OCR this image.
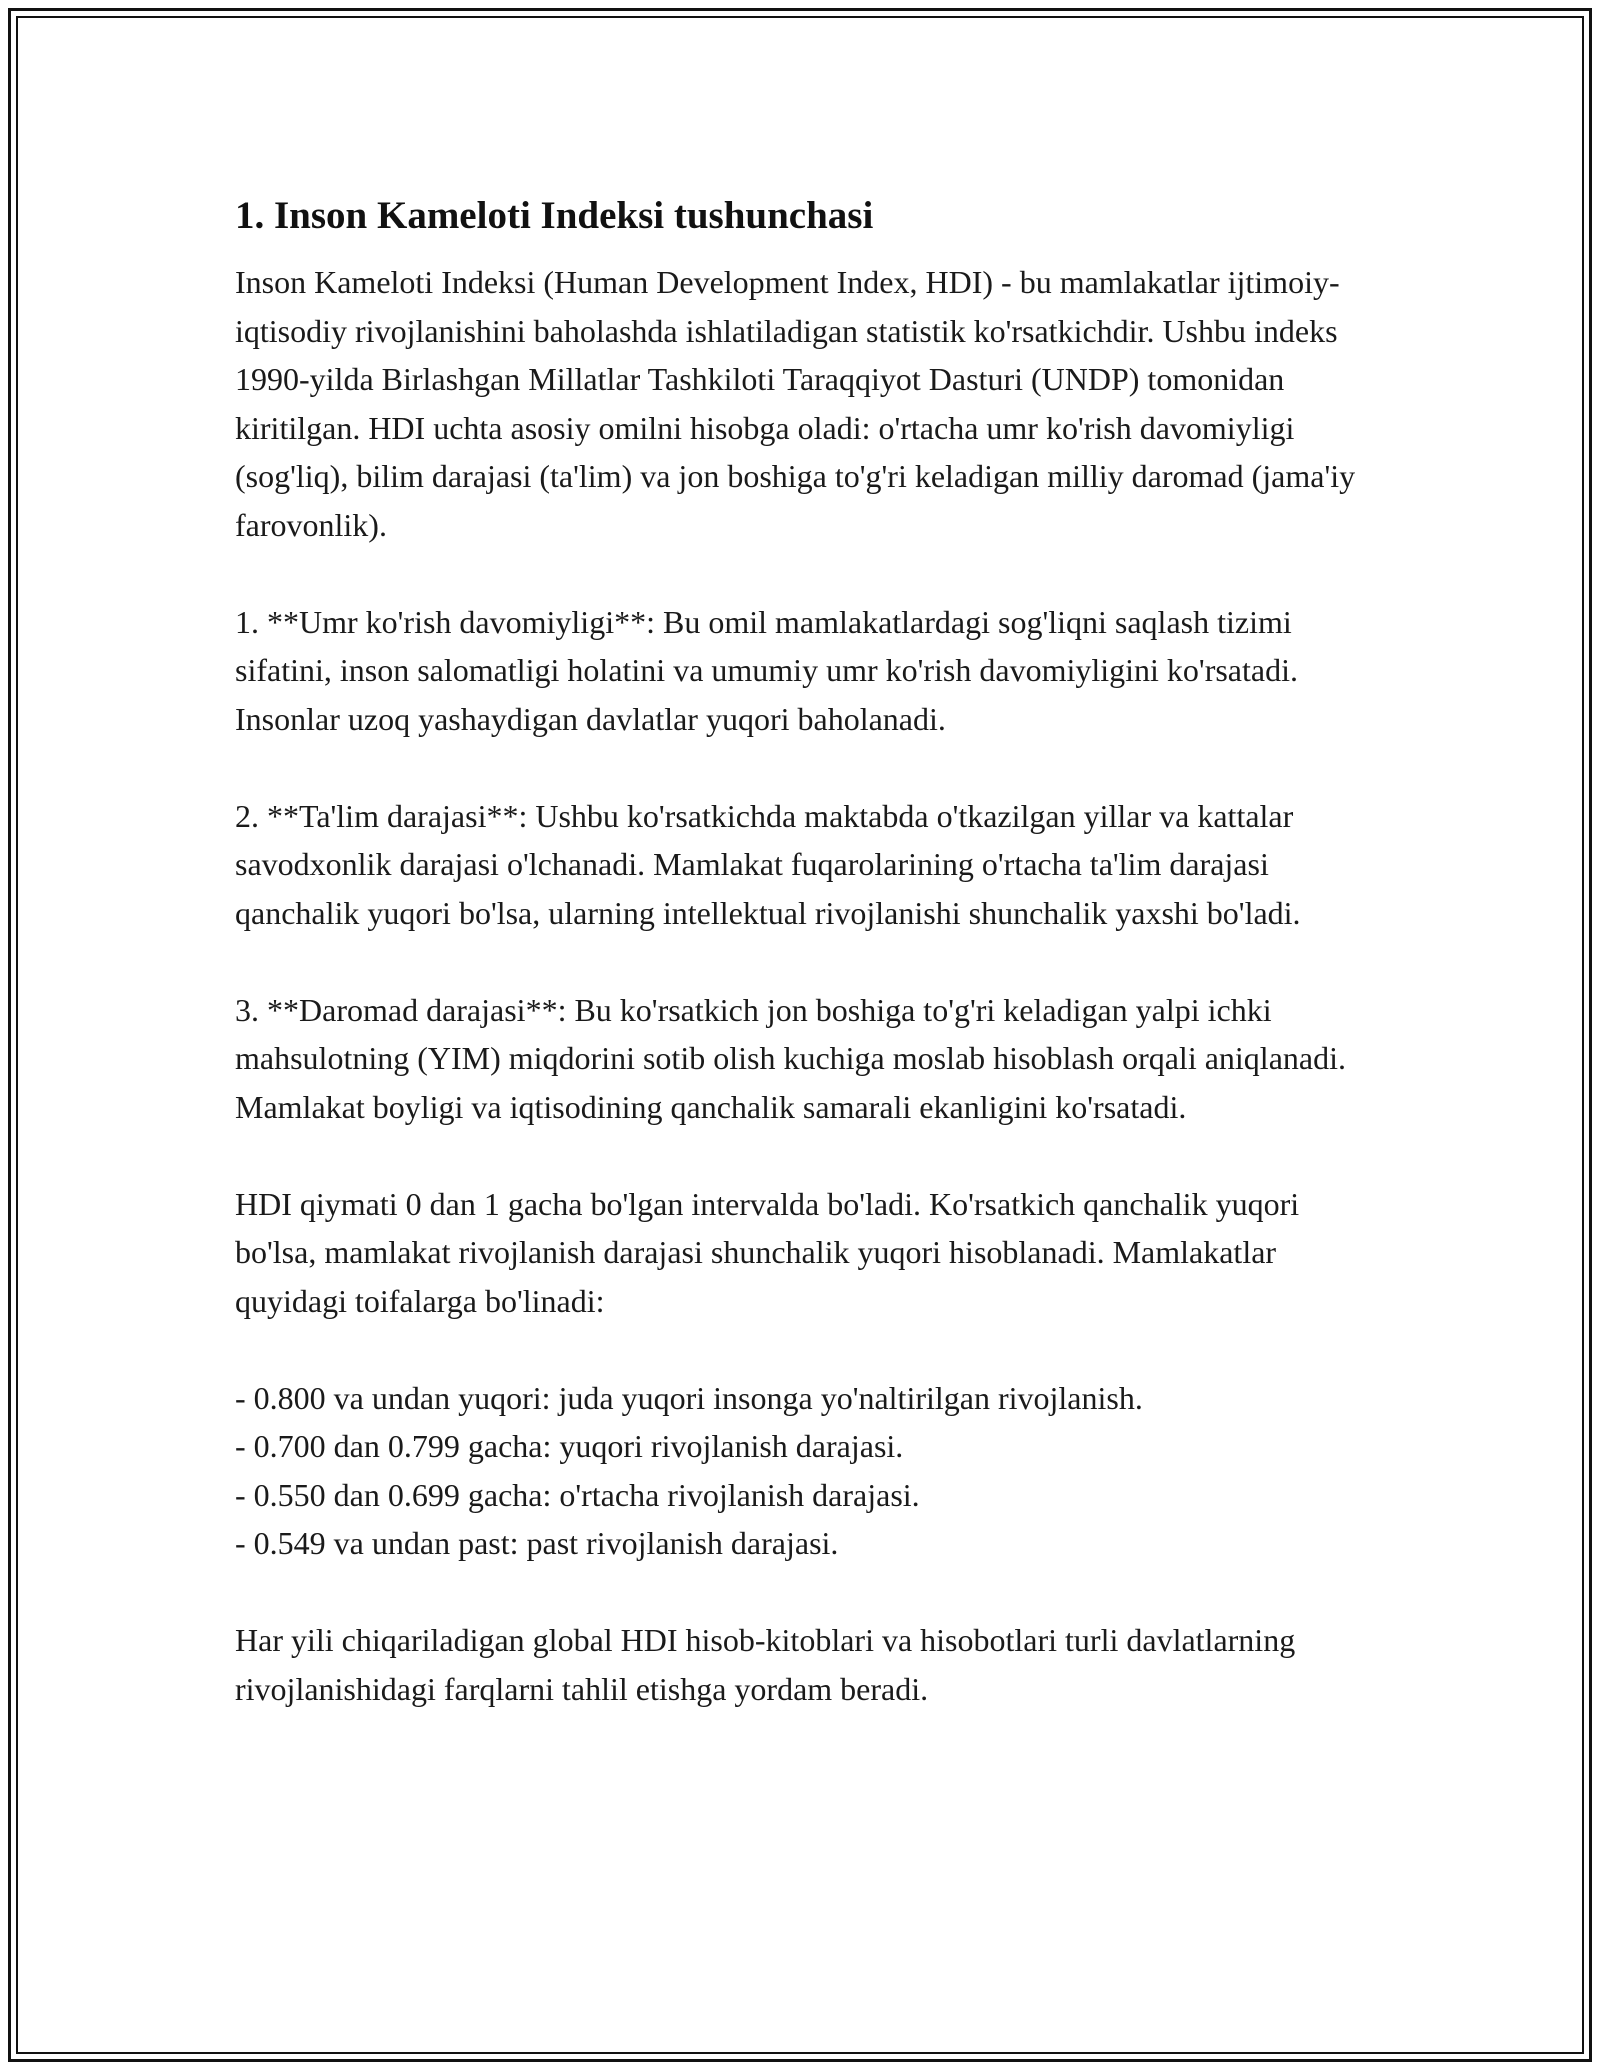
1. Inson Kameloti Indeksi tushunchasi

Inson Kameloti Indeksi (Human Development Index, HDI) - bu mamlakatlar ijtimoiy-iqtisodiy rivojlanishini baholashda ishlatiladigan statistik ko'rsatkichdir. Ushbu indeks 1990-yilda Birlashgan Millatlar Tashkiloti Taraqqiyot Dasturi (UNDP) tomonidan kiritilgan. HDI uchta asosiy omilni hisobga oladi: o'rtacha umr ko'rish davomiyligi (sog'liq), bilim darajasi (ta'lim) va jon boshiga to'g'ri keladigan milliy daromad (jama'iy farovonlik).

1. **Umr ko'rish davomiyligi**: Bu omil mamlakatlardagi sog'liqni saqlash tizimi sifatini, inson salomatligi holatini va umumiy umr ko'rish davomiyligini ko'rsatadi. Insonlar uzoq yashaydigan davlatlar yuqori baholanadi.

2. **Ta'lim darajasi**: Ushbu ko'rsatkichda maktabda o'tkazilgan yillar va kattalar savodxonlik darajasi o'lchanadi. Mamlakat fuqarolarining o'rtacha ta'lim darajasi qanchalik yuqori bo'lsa, ularning intellektual rivojlanishi shunchalik yaxshi bo'ladi.

3. **Daromad darajasi**: Bu ko'rsatkich jon boshiga to'g'ri keladigan yalpi ichki mahsulotning (YIM) miqdorini sotib olish kuchiga moslab hisoblash orqali aniqlanadi. Mamlakat boyligi va iqtisodining qanchalik samarali ekanligini ko'rsatadi.

HDI qiymati 0 dan 1 gacha bo'lgan intervalda bo'ladi. Ko'rsatkich qanchalik yuqori bo'lsa, mamlakat rivojlanish darajasi shunchalik yuqori hisoblanadi. Mamlakatlar quyidagi toifalarga bo'linadi:

- 0.800 va undan yuqori: juda yuqori insonga yo'naltirilgan rivojlanish.
- 0.700 dan 0.799 gacha: yuqori rivojlanish darajasi.
- 0.550 dan 0.699 gacha: o'rtacha rivojlanish darajasi.
- 0.549 va undan past: past rivojlanish darajasi.

Har yili chiqariladigan global HDI hisob-kitoblari va hisobotlari turli davlatlarning rivojlanishidagi farqlarni tahlil etishga yordam beradi.
